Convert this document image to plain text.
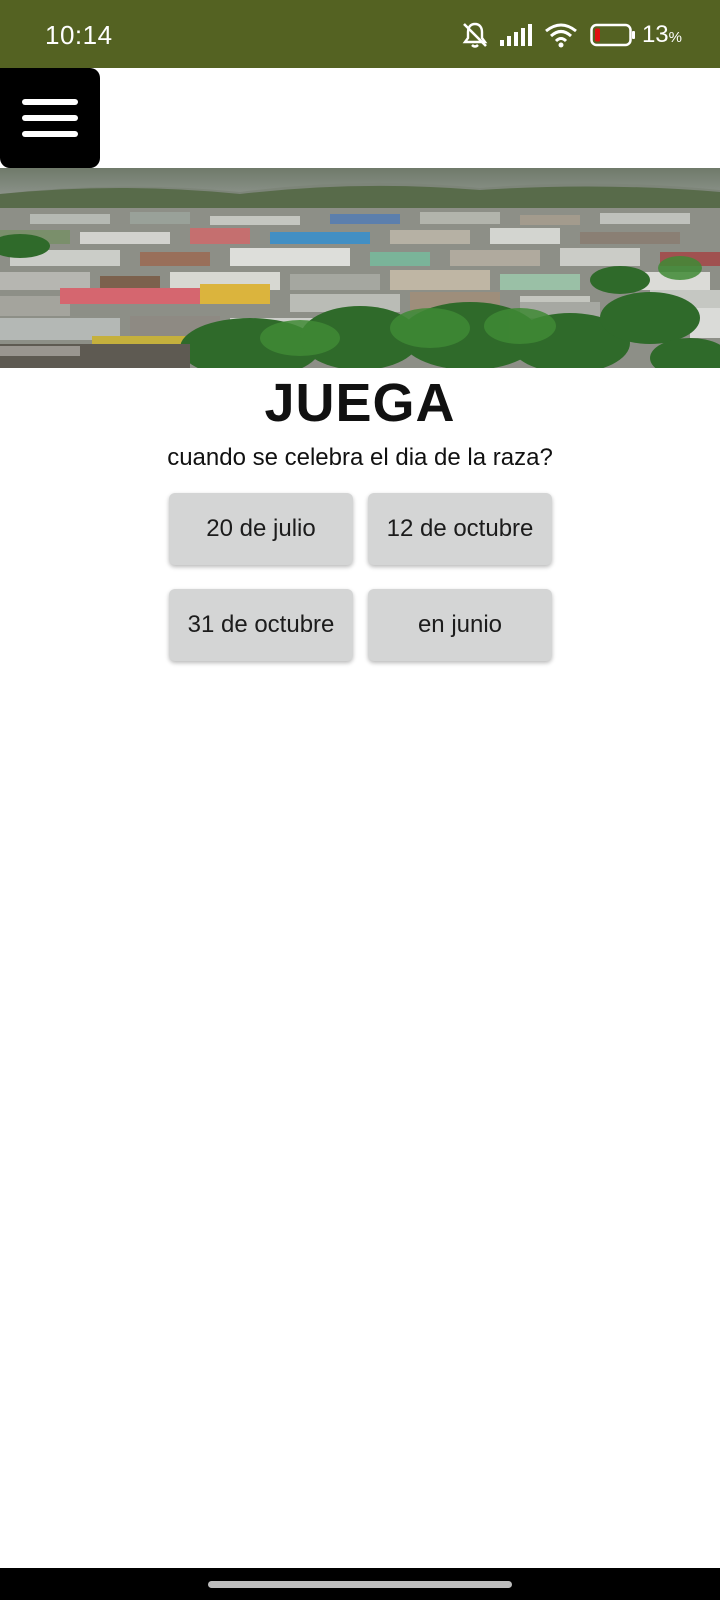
10:14	13%
JUEGA
cuando se celebra el dia de la raza?
20 de julio	12 de octubre
31 de octubre	en junio
